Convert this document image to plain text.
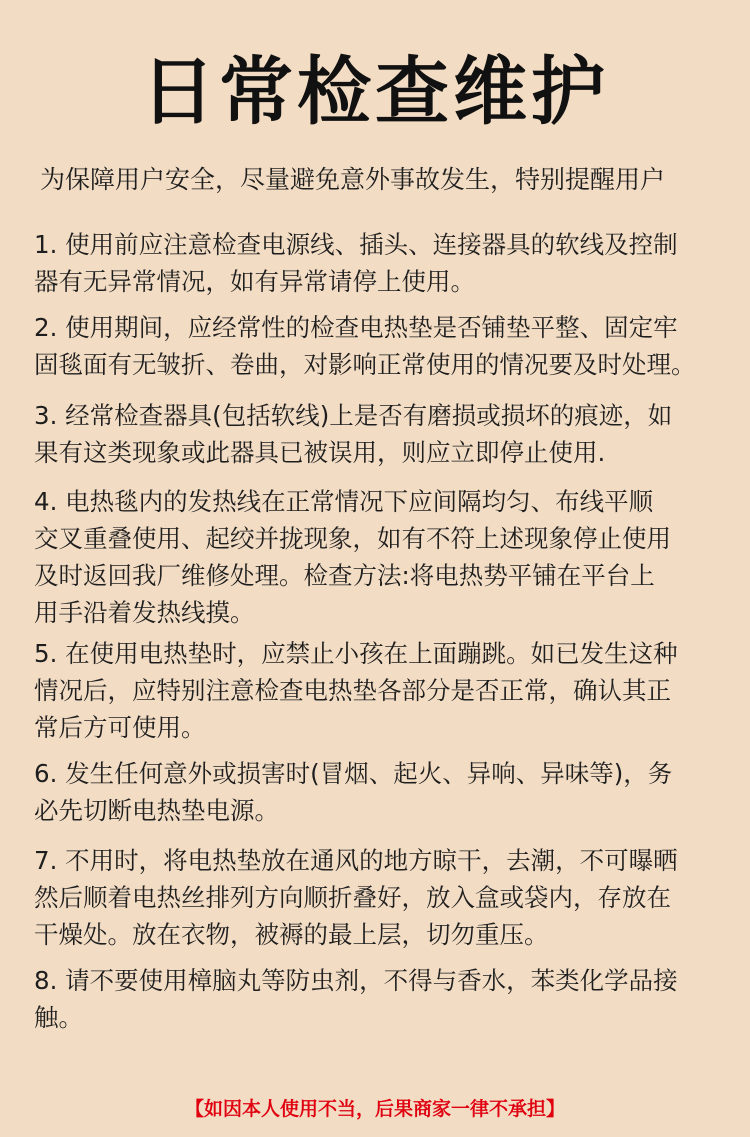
日常检查维护
为保障用户安全，尽量避免意外事故发生，特别提醒用户

1. 使用前应注意检查电源线、插头、连接器具的软线及控制

器有无异常情况，如有异常请停上使用。

2. 使用期间，应经常性的检查电热垫是否铺垫平整、固定牢

固毯面有无皱折、卷曲，对影响正常使用的情况要及时处理。

3. 经常检查器具(包括软线)上是否有磨损或损坏的痕迹，如

果有这类现象或此器具已被误用，则应立即停止使用.

4. 电热毯内的发热线在正常情况下应间隔均匀、布线平顺

交叉重叠使用、起绞并拢现象，如有不符上述现象停止使用

及时返回我厂维修处理。检查方法:将电热势平铺在平台上

用手沿着发热线摸。

5. 在使用电热垫时，应禁止小孩在上面蹦跳。如已发生这种

情况后，应特别注意检查电热垫各部分是否正常，确认其正

常后方可使用。

6. 发生任何意外或损害时(冒烟、起火、异响、异味等)，务

必先切断电热垫电源。

7. 不用时，将电热垫放在通风的地方晾干，去潮，不可曝晒

然后顺着电热丝排列方向顺折叠好，放入盒或袋内，存放在

干燥处。放在衣物，被褥的最上层，切勿重压。

8. 请不要使用樟脑丸等防虫剂，不得与香水，苯类化学品接

触。

【如因本人使用不当，后果商家一律不承担】
